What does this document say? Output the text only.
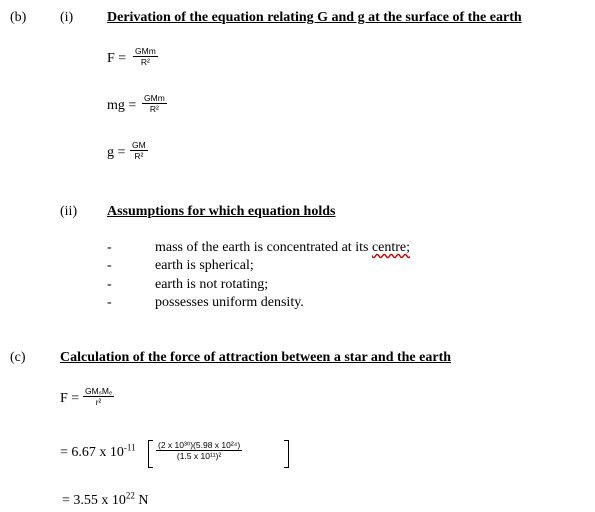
(b) (i) Derivation of the equation relating G and g at the surface of the earth
F = GMm
R²
mg = GMm
R²
$g = \frac{GM}{\text{R²}}$
(ii) Assumptions for which equation holds
-	mass of the earth is concentrated at its centre;
-	earth is spherical;
-	earth is not rotating;
-	possesses uniform density.
(c) Calculation of the force of attraction between a star and the earth
F = GMₛMₑ
r²
= 6.67 x $10^{-11} \frac{\text{(2 x 10³⁰)(5.98 x 10²⁴)}}{\text{(1.5 x 10¹¹)²}}$
= 3.55 x $10^{22}$ N
